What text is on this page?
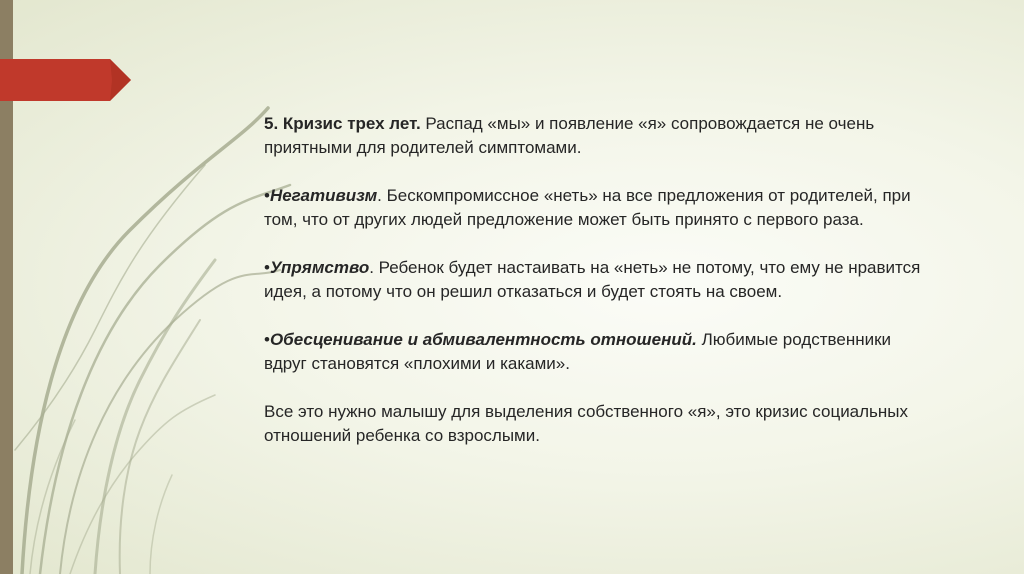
5. Кризис трех лет. Распад «мы» и появление «я» сопровождается не очень приятными для родителей симптомами.

•Негативизм. Бескомпромиссное «неть» на все предложения от родителей, при том, что от других людей предложение может быть принято с первого раза.

•Упрямство. Ребенок будет настаивать на «неть» не потому, что ему не нравится идея, а потому что он решил отказаться и будет стоять на своем.

•Обесценивание и абмивалентность отношений. Любимые родственники вдруг становятся «плохими и каками».

Все это нужно малышу для выделения собственного «я», это кризис социальных отношений ребенка со взрослыми.
